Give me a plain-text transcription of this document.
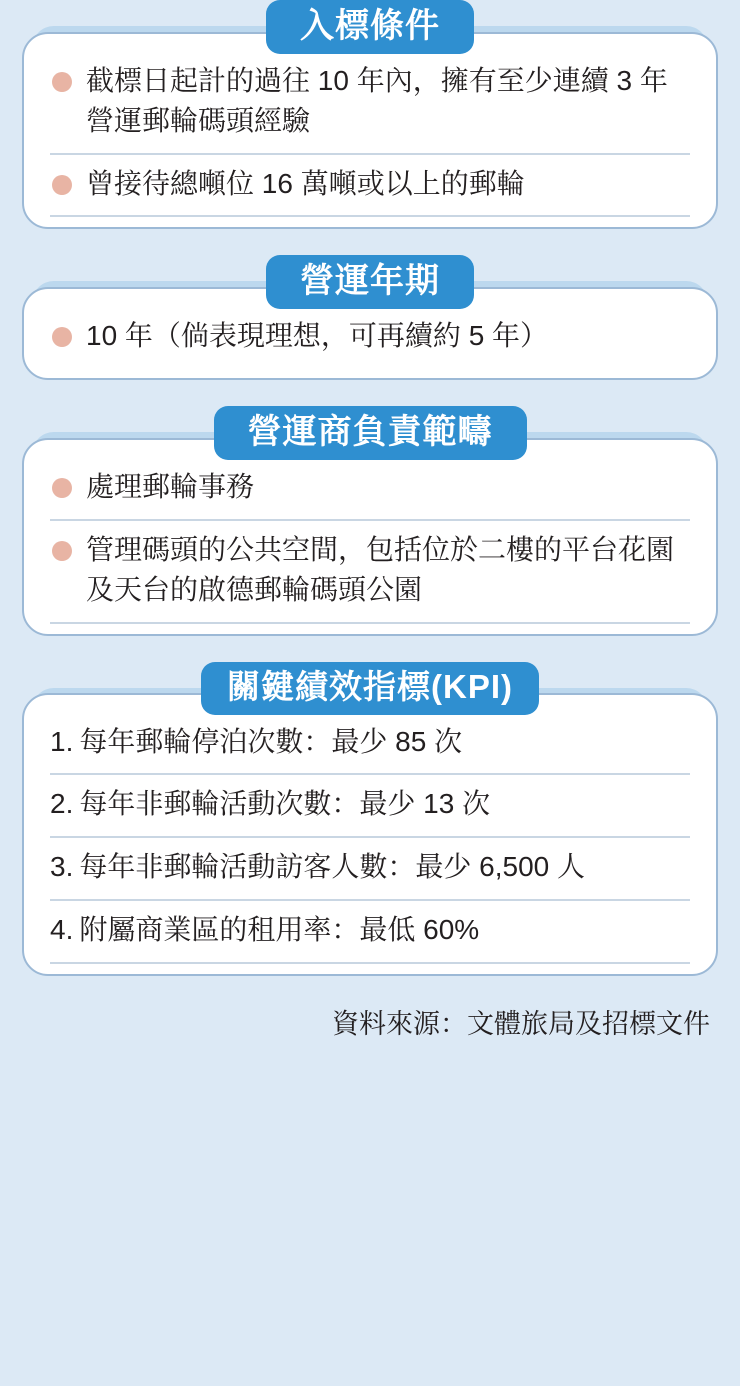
入標條件
截標日起計的過往 10 年內，擁有至少連續 3 年營運郵輪碼頭經驗
曾接待總噸位 16 萬噸或以上的郵輪
營運年期
10 年（倘表現理想，可再續約 5 年）
營運商負責範疇
處理郵輪事務
管理碼頭的公共空間，包括位於二樓的平台花園及天台的啟德郵輪碼頭公園
關鍵績效指標(KPI)
1. 每年郵輪停泊次數：最少 85 次
2. 每年非郵輪活動次數：最少 13 次
3. 每年非郵輪活動訪客人數：最少 6,500 人
4. 附屬商業區的租用率：最低 60%
資料來源：文體旅局及招標文件
